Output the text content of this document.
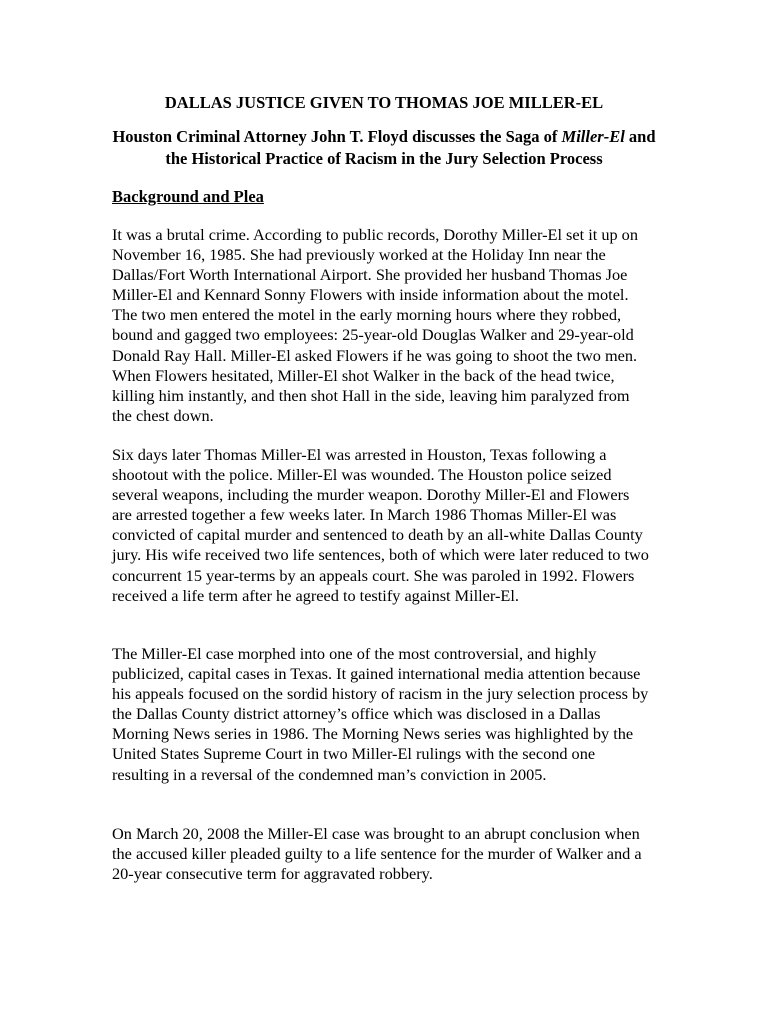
DALLAS JUSTICE GIVEN TO THOMAS JOE MILLER-EL

Houston Criminal Attorney John T. Floyd discusses the Saga of Miller-El and the Historical Practice of Racism in the Jury Selection Process

Background and Plea

It was a brutal crime. According to public records, Dorothy Miller-El set it up on November 16, 1985. She had previously worked at the Holiday Inn near the Dallas/Fort Worth International Airport. She provided her husband Thomas Joe Miller-El and Kennard Sonny Flowers with inside information about the motel. The two men entered the motel in the early morning hours where they robbed, bound and gagged two employees: 25-year-old Douglas Walker and 29-year-old Donald Ray Hall. Miller-El asked Flowers if he was going to shoot the two men. When Flowers hesitated, Miller-El shot Walker in the back of the head twice, killing him instantly, and then shot Hall in the side, leaving him paralyzed from the chest down.

Six days later Thomas Miller-El was arrested in Houston, Texas following a shootout with the police. Miller-El was wounded. The Houston police seized several weapons, including the murder weapon. Dorothy Miller-El and Flowers are arrested together a few weeks later. In March 1986 Thomas Miller-El was convicted of capital murder and sentenced to death by an all-white Dallas County jury. His wife received two life sentences, both of which were later reduced to two concurrent 15 year-terms by an appeals court. She was paroled in 1992. Flowers received a life term after he agreed to testify against Miller-El.

The Miller-El case morphed into one of the most controversial, and highly publicized, capital cases in Texas. It gained international media attention because his appeals focused on the sordid history of racism in the jury selection process by the Dallas County district attorney’s office which was disclosed in a Dallas Morning News series in 1986. The Morning News series was highlighted by the United States Supreme Court in two Miller-El rulings with the second one resulting in a reversal of the condemned man’s conviction in 2005.

On March 20, 2008 the Miller-El case was brought to an abrupt conclusion when the accused killer pleaded guilty to a life sentence for the murder of Walker and a 20-year consecutive term for aggravated robbery.
